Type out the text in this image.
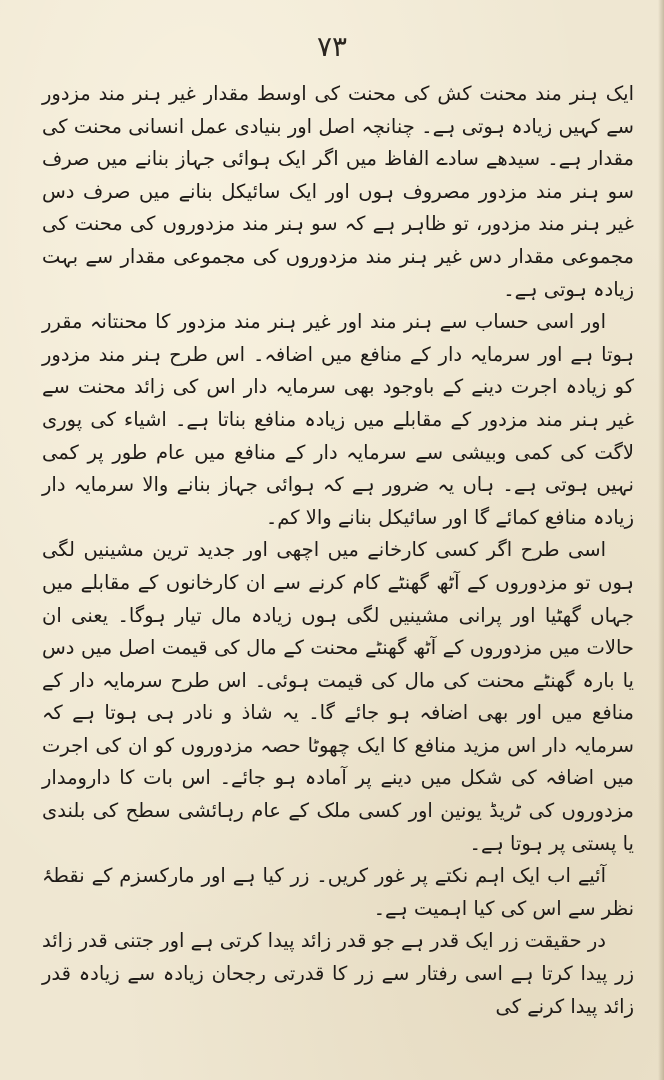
۷۳

ایک ہنر مند محنت کش کی محنت کی اوسط مقدار غیر ہنر مند مزدور سے کہیں زیادہ ہوتی ہے۔ چنانچہ اصل اور بنیادی عمل انسانی محنت کی مقدار ہے۔ سیدھے سادے الفاظ میں اگر ایک ہوائی جہاز بنانے میں صرف سو ہنر مند مزدور مصروف ہوں اور ایک سائیکل بنانے میں صرف دس غیر ہنر مند مزدور، تو ظاہر ہے کہ سو ہنر مند مزدوروں کی محنت کی مجموعی مقدار دس غیر ہنر مند مزدوروں کی مجموعی مقدار سے بہت زیادہ ہوتی ہے۔

اور اسی حساب سے ہنر مند اور غیر ہنر مند مزدور کا محنتانہ مقرر ہوتا ہے اور سرمایہ دار کے منافع میں اضافہ۔ اس طرح ہنر مند مزدور کو زیادہ اجرت دینے کے باوجود بھی سرمایہ دار اس کی زائد محنت سے غیر ہنر مند مزدور کے مقابلے میں زیادہ منافع بناتا ہے۔ اشیاء کی پوری لاگت کی کمی وبیشی سے سرمایہ دار کے منافع میں عام طور پر کمی نہیں ہوتی ہے۔ ہاں یہ ضرور ہے کہ ہوائی جہاز بنانے والا سرمایہ دار زیادہ منافع کمائے گا اور سائیکل بنانے والا کم۔

اسی طرح اگر کسی کارخانے میں اچھی اور جدید ترین مشینیں لگی ہوں تو مزدوروں کے آٹھ گھنٹے کام کرنے سے ان کارخانوں کے مقابلے میں جہاں گھٹیا اور پرانی مشینیں لگی ہوں زیادہ مال تیار ہوگا۔ یعنی ان حالات میں مزدوروں کے آٹھ گھنٹے محنت کے مال کی قیمت اصل میں دس یا بارہ گھنٹے محنت کی مال کی قیمت ہوئی۔ اس طرح سرمایہ دار کے منافع میں اور بھی اضافہ ہو جائے گا۔ یہ شاذ و نادر ہی ہوتا ہے کہ سرمایہ دار اس مزید منافع کا ایک چھوٹا حصہ مزدوروں کو ان کی اجرت میں اضافہ کی شکل میں دینے پر آمادہ ہو جائے۔ اس بات کا دارومدار مزدوروں کی ٹریڈ یونین اور کسی ملک کے عام رہائشی سطح کی بلندی یا پستی پر ہوتا ہے۔

آئیے اب ایک اہم نکتے پر غور کریں۔ زر کیا ہے اور مارکسزم کے نقطۂ نظر سے اس کی کیا اہمیت ہے۔

در حقیقت زر ایک قدر ہے جو قدر زائد پیدا کرتی ہے اور جتنی قدر زائد زر پیدا کرتا ہے اسی رفتار سے زر کا قدرتی رجحان زیادہ سے زیادہ قدر زائد پیدا کرنے کی
